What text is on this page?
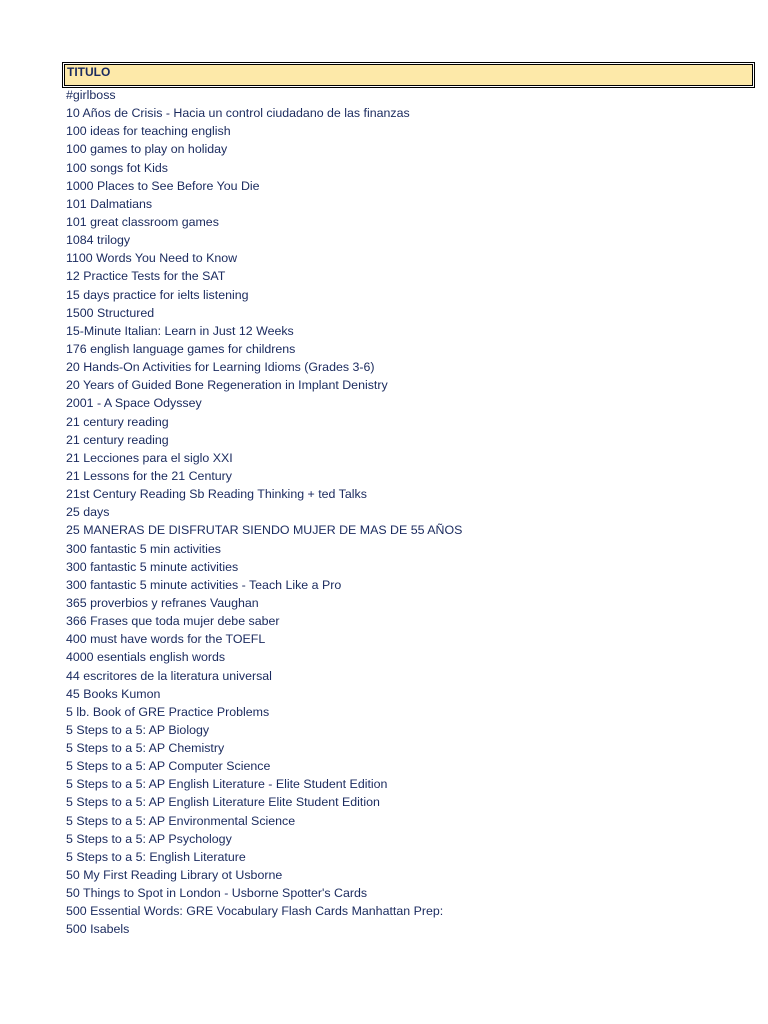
TITULO
#girlboss
10 Años de Crisis - Hacia un control ciudadano de las finanzas
100 ideas for teaching english
100 games to play on holiday
100 songs fot Kids
1000 Places to See Before You Die
101 Dalmatians
101 great classroom games
1084 trilogy
1100 Words You Need to Know
12 Practice Tests for the SAT
15 days practice for ielts listening
1500 Structured
15-Minute Italian: Learn in Just 12 Weeks
176 english language games for childrens
20 Hands-On Activities for Learning Idioms (Grades 3-6)
20 Years of Guided Bone Regeneration in Implant Denistry
2001 - A Space Odyssey
21 century reading
21 century reading
21 Lecciones para el siglo XXI
21 Lessons for the 21 Century
21st Century Reading Sb Reading Thinking + ted Talks
25 days
25 MANERAS DE DISFRUTAR SIENDO MUJER DE MAS DE 55 AÑOS
300 fantastic 5 min activities
300 fantastic 5 minute activities
300 fantastic 5 minute activities - Teach Like a Pro
365 proverbios y refranes Vaughan
366 Frases que toda mujer debe saber
400 must have words for the TOEFL
4000 esentials english words
44 escritores de la literatura universal
45 Books Kumon
5 lb. Book of GRE Practice Problems
5 Steps to a 5: AP Biology
5 Steps to a 5: AP Chemistry
5 Steps to a 5: AP Computer Science
5 Steps to a 5: AP English Literature - Elite Student Edition
5 Steps to a 5: AP English Literature Elite Student Edition
5 Steps to a 5: AP Environmental Science
5 Steps to a 5: AP Psychology
5 Steps to a 5: English Literature
50 My First Reading Library ot Usborne
50 Things to Spot in London - Usborne Spotter's Cards
500 Essential Words: GRE Vocabulary Flash Cards Manhattan Prep:
500 Isabels
